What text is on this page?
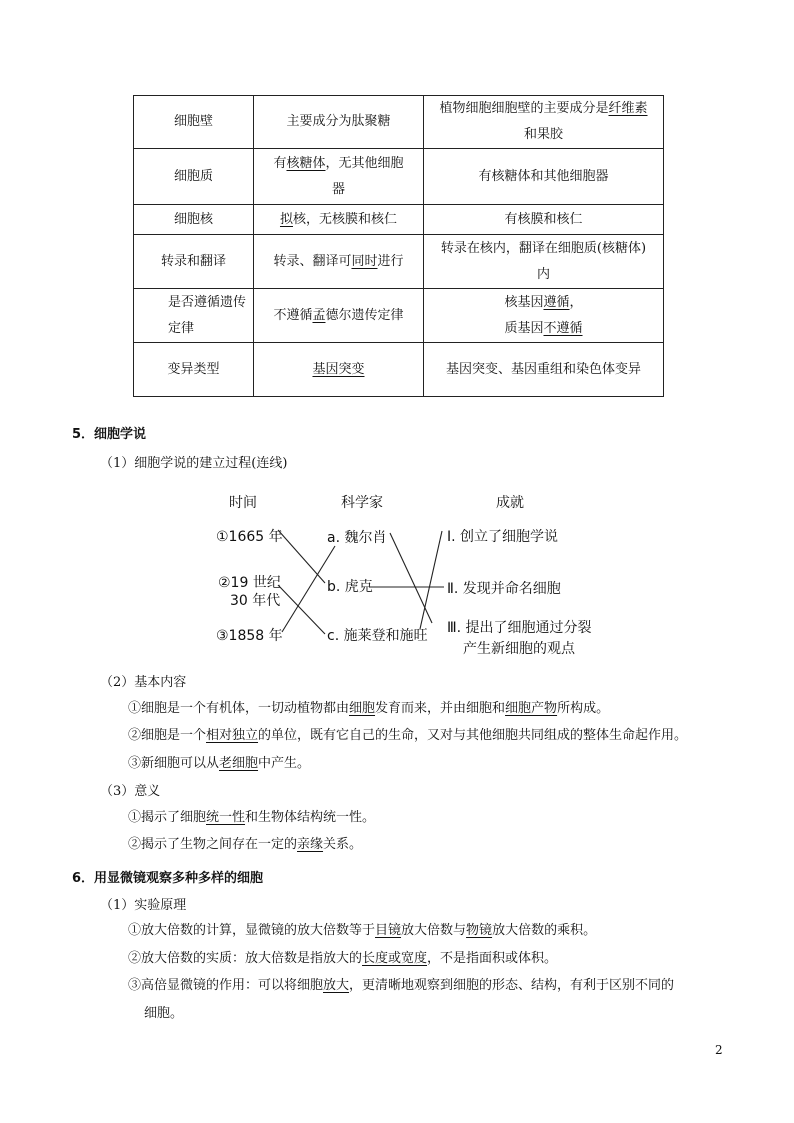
细胞壁	主要成分为肽聚糖	植物细胞细胞壁的主要成分是纤维素和果胶
细胞质	有核糖体，无其他细胞器	有核糖体和其他细胞器
细胞核	拟核，无核膜和核仁	有核膜和核仁
转录和翻译	转录、翻译可同时进行	转录在核内，翻译在细胞质(核糖体)内
是否遵循遗传定律	不遵循孟德尔遗传定律	核基因遵循，
质基因不遵循
变异类型	基因突变	基因突变、基因重组和染色体变异
5．细胞学说
（1）细胞学说的建立过程(连线)
时间	科学家	成就
①1665 年
②19 世纪
30 年代
③1858 年
a. 魏尔肖
b. 虎克
c. 施莱登和施旺
Ⅰ. 创立了细胞学说
Ⅱ. 发现并命名细胞
Ⅲ. 提出了细胞通过分裂
产生新细胞的观点
（2）基本内容
①细胞是一个有机体，一切动植物都由细胞发育而来，并由细胞和细胞产物所构成。
②细胞是一个相对独立的单位，既有它自己的生命，又对与其他细胞共同组成的整体生命起作用。
③新细胞可以从老细胞中产生。
（3）意义
①揭示了细胞统一性和生物体结构统一性。
②揭示了生物之间存在一定的亲缘关系。
6．用显微镜观察多种多样的细胞
（1）实验原理
①放大倍数的计算，显微镜的放大倍数等于目镜放大倍数与物镜放大倍数的乘积。
②放大倍数的实质：放大倍数是指放大的长度或宽度，不是指面积或体积。
③高倍显微镜的作用：可以将细胞放大，更清晰地观察到细胞的形态、结构，有利于区别不同的
细胞。
2
